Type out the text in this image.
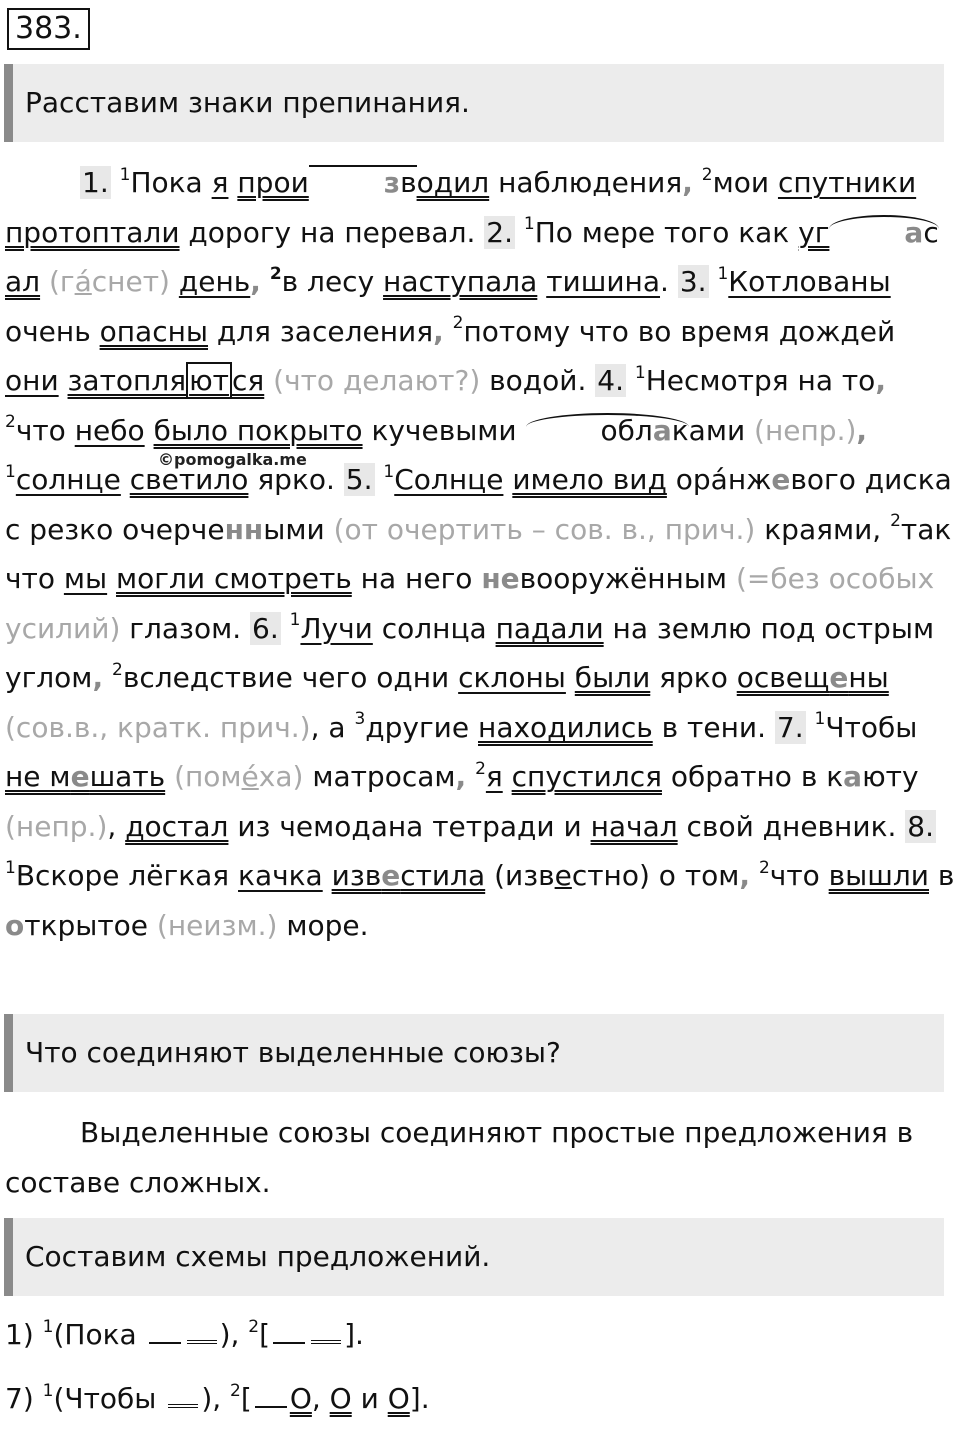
383.
Расставим знаки препинания.

1. $^1$Пока я прои	зводил наблюдения, $^2$мои спутники протоптали дорогу на перевал. 2. $^1$По мере того как уг	асал (гáснет) день, $^2$в лесу наступала тишина. 3. $^1$Котлованы очень опасны для заселения, $^2$потому что во время дождей они затопля ют ся (что делают?) водой. 4. $^1$Несмотря на то, $^2$что небо было покрыто кучевыми	облаками (непр.), $^1$солнце светило ярко. 5. $^1$Солнце имело вид орáнжевого диска с резко очерченными (от очертить – сов. в., прич.) краями, $^2$так что мы могли смотреть на него невооружённым (=без особых усилий) глазом. 6. $^1$Лучи солнца падали на землю под острым углом, $^2$вследствие чего одни склоны были ярко освещены (сов.в., кратк. прич.), а $^3$другие находились в тени. 7. $^1$Чтобы не мешать (помéха) матросам, $^2$я спустился обратно в каюту (непр.), достал из чемодана тетради и начал свой дневник. 8. $^1$Вскоре лёгкая качка известила (известно) о том, $^2$что вышли в открытое (неизм.) море.

©pomogalka.me
Что соединяют выделенные союзы?

Выделенные союзы соединяют простые предложения в составе сложных.

Составим схемы предложений.
1) $^1$(Пока	), $^2$[	].
7) $^1$(Чтобы ), $^2$[ О, О и О].
